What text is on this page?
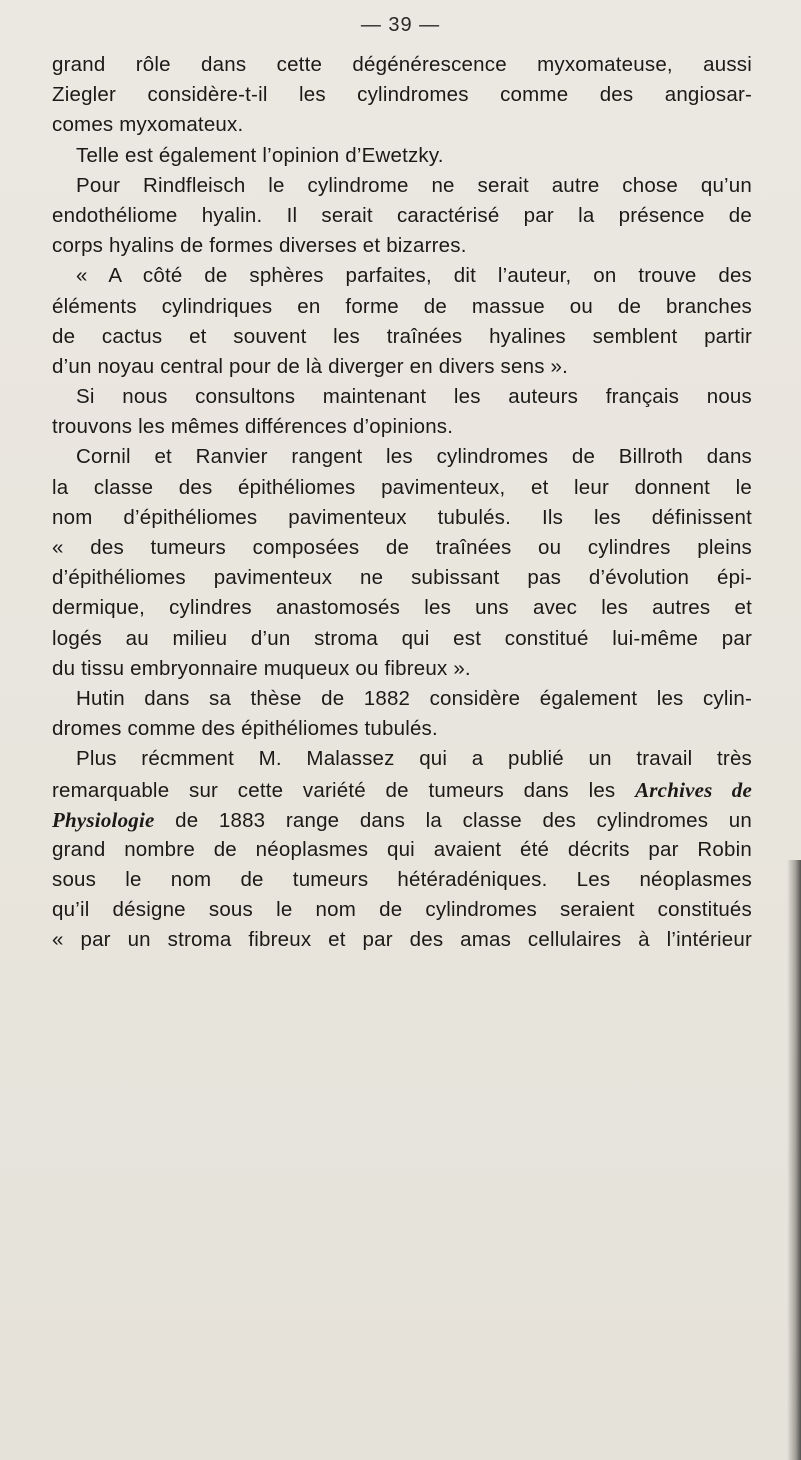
— 39 —
grand rôle dans cette dégénérescence myxomateuse, aussi
Ziegler considère-t-il les cylindromes comme des angiosar-
comes myxomateux.
Telle est également l’opinion d’Ewetzky.
Pour Rindfleisch le cylindrome ne serait autre chose qu’un
endothéliome hyalin. Il serait caractérisé par la présence de
corps hyalins de formes diverses et bizarres.
« A côté de sphères parfaites, dit l’auteur, on trouve des
éléments cylindriques en forme de massue ou de branches
de cactus et souvent les traînées hyalines semblent partir
d’un noyau central pour de là diverger en divers sens ».
Si nous consultons maintenant les auteurs français nous
trouvons les mêmes différences d’opinions.
Cornil et Ranvier rangent les cylindromes de Billroth dans
la classe des épithéliomes pavimenteux, et leur donnent le
nom d’épithéliomes pavimenteux tubulés. Ils les définissent
« des tumeurs composées de traînées ou cylindres pleins
d’épithéliomes pavimenteux ne subissant pas d’évolution épi-
dermique, cylindres anastomosés les uns avec les autres et
logés au milieu d’un stroma qui est constitué lui-même par
du tissu embryonnaire muqueux ou fibreux ».
Hutin dans sa thèse de 1882 considère également les cylin-
dromes comme des épithéliomes tubulés.
Plus récmment M. Malassez qui a publié un travail très
remarquable sur cette variété de tumeurs dans les Archives de
Physiologie de 1883 range dans la classe des cylindromes un
grand nombre de néoplasmes qui avaient été décrits par Robin
sous le nom de tumeurs hétéradéniques. Les néoplasmes
qu’il désigne sous le nom de cylindromes seraient constitués
« par un stroma fibreux et par des amas cellulaires à l’intérieur
